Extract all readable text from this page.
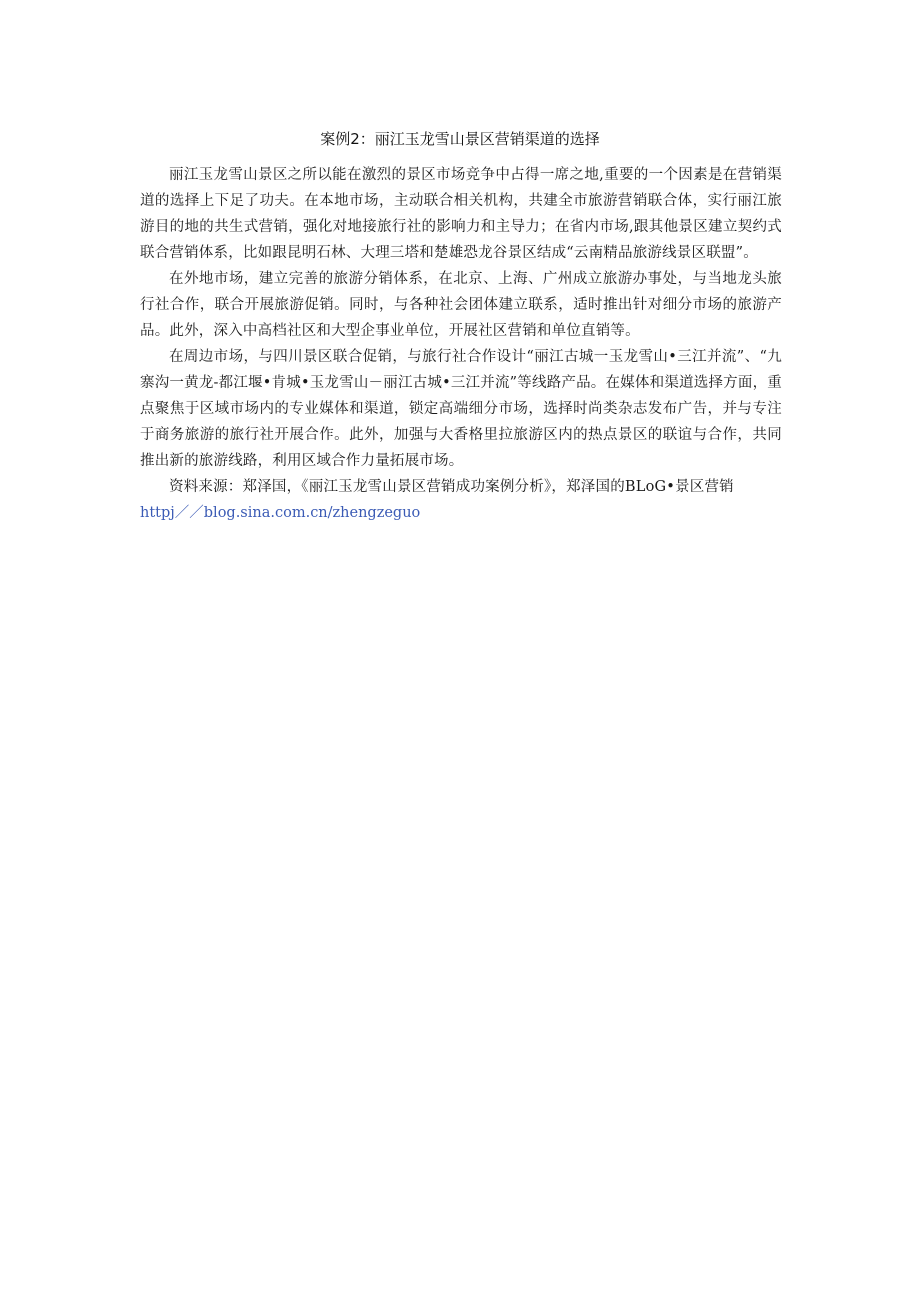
案例2：丽江玉龙雪山景区营销渠道的选择

丽江玉龙雪山景区之所以能在激烈的景区市场竞争中占得一席之地,重要的一个因素是在营销渠道的选择上下足了功夫。在本地市场，主动联合相关机构，共建全市旅游营销联合体，实行丽江旅游目的地的共生式营销，强化对地接旅行社的影响力和主导力；在省内市场,跟其他景区建立契约式联合营销体系，比如跟昆明石林、大理三塔和楚雄恐龙谷景区结成“云南精品旅游线景区联盟”。

在外地市场，建立完善的旅游分销体系，在北京、上海、广州成立旅游办事处，与当地龙头旅行社合作，联合开展旅游促销。同时，与各种社会团体建立联系，适时推出针对细分市场的旅游产品。此外，深入中高档社区和大型企事业单位，开展社区营销和单位直销等。

在周边市场，与四川景区联合促销，与旅行社合作设计“丽江古城一玉龙雪山•三江并流”、“九寨沟一黄龙-都江堰•肯城•玉龙雪山－丽江古城•三江并流”等线路产品。在媒体和渠道选择方面，重点聚焦于区域市场内的专业媒体和渠道，锁定高端细分市场，选择时尚类杂志发布广告，并与专注于商务旅游的旅行社开展合作。此外，加强与大香格里拉旅游区内的热点景区的联谊与合作，共同推出新的旅游线路，利用区域合作力量拓展市场。

资料来源：郑泽国，《丽江玉龙雪山景区营销成功案例分析》，郑泽国的BLoG•景区营销

httpj／／blog.sina.com.cn/zhengzeguo
